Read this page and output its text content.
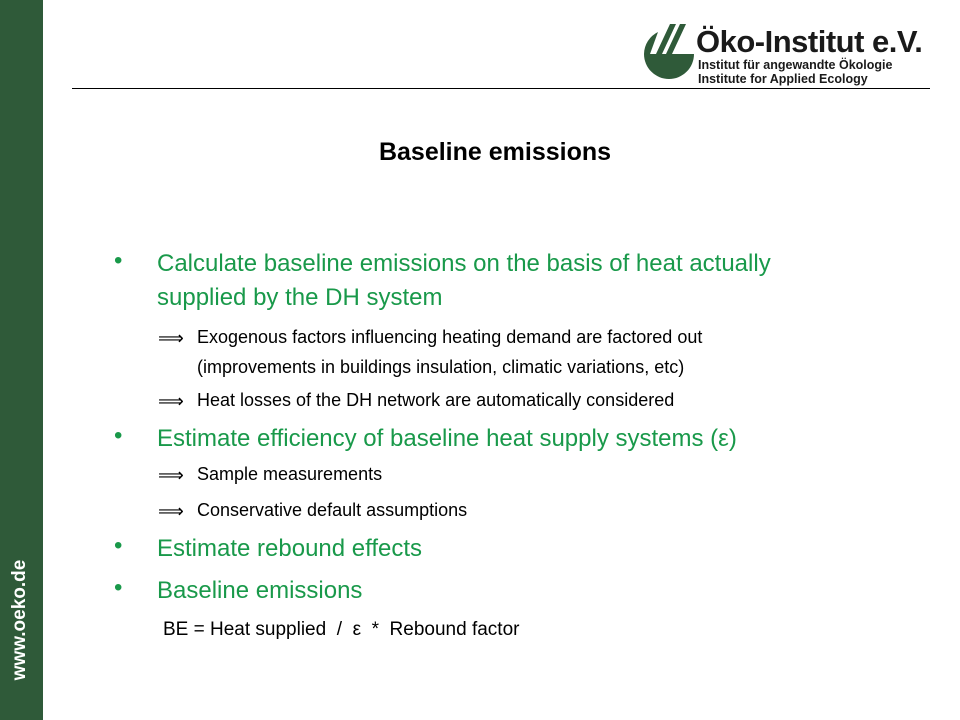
www.oeko.de
Öko-Institut e.V.
Institut für angewandte Ökologie
Institute for Applied Ecology
Baseline emissions
• Calculate baseline emissions on the basis of heat actually
supplied by the DH system
⟹ Exogenous factors influencing heating demand are factored out
(improvements in buildings insulation, climatic variations, etc)
⟹ Heat losses of the DH network are automatically considered
• Estimate efficiency of baseline heat supply systems (ε)
⟹ Sample measurements
⟹ Conservative default assumptions
• Estimate rebound effects
• Baseline emissions
BE = Heat supplied  /  ε  *  Rebound factor
